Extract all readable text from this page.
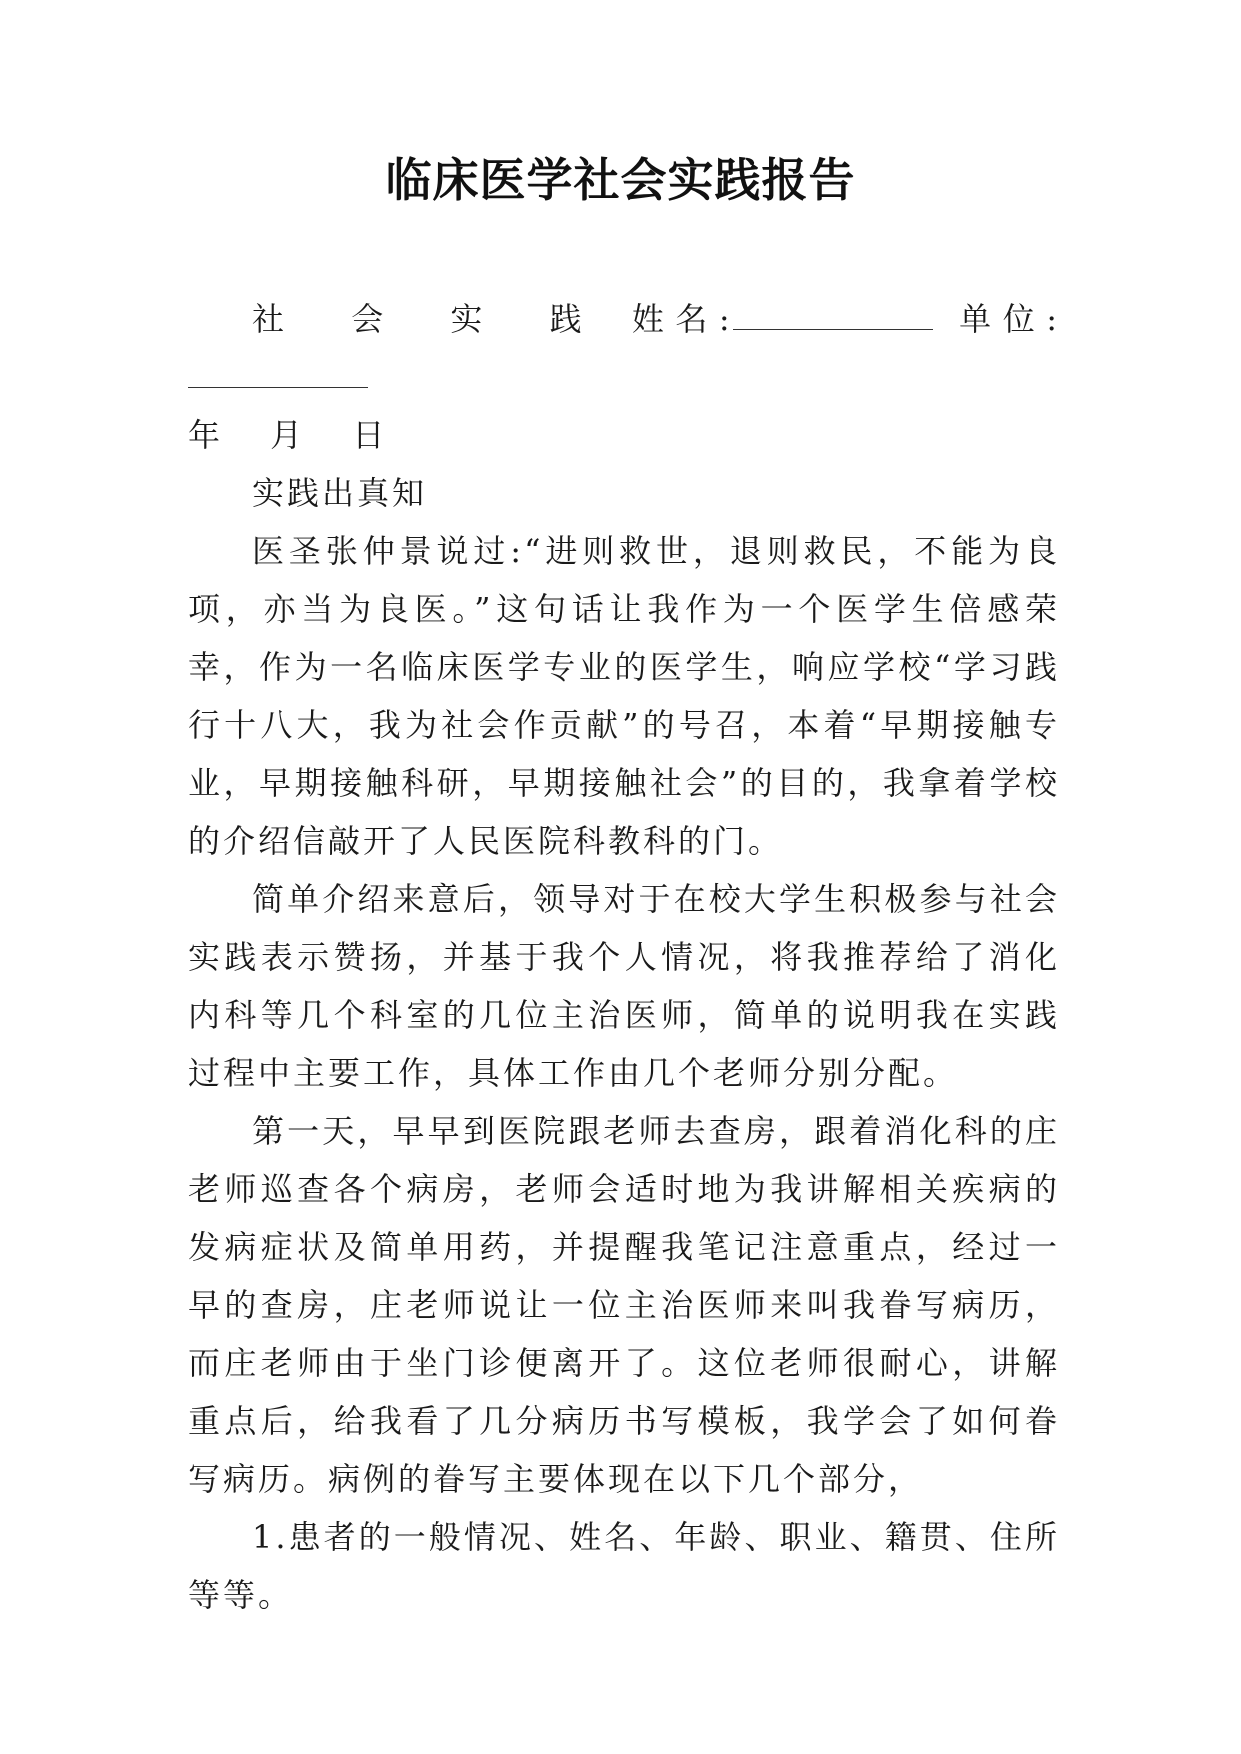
临床医学社会实践报告

社 会 实 践 姓名:	单位:

年 月 日

实践出真知

医圣张仲景说过:“进则救世，退则救民，不能为良项，亦当为良医。”这句话让我作为一个医学生倍感荣幸，作为一名临床医学专业的医学生，响应学校“学习践行十八大，我为社会作贡献”的号召，本着“早期接触专业，早期接触科研，早期接触社会”的目的，我拿着学校的介绍信敲开了人民医院科教科的门。

简单介绍来意后，领导对于在校大学生积极参与社会实践表示赞扬，并基于我个人情况，将我推荐给了消化内科等几个科室的几位主治医师，简单的说明我在实践过程中主要工作，具体工作由几个老师分别分配。

第一天，早早到医院跟老师去查房，跟着消化科的庄老师巡查各个病房，老师会适时地为我讲解相关疾病的发病症状及简单用药，并提醒我笔记注意重点，经过一早的查房，庄老师说让一位主治医师来叫我眷写病历，而庄老师由于坐门诊便离开了。这位老师很耐心，讲解重点后，给我看了几分病历书写模板，我学会了如何眷写病历。病例的眷写主要体现在以下几个部分，

1.患者的一般情况、姓名、年龄、职业、籍贯、住所等等。
